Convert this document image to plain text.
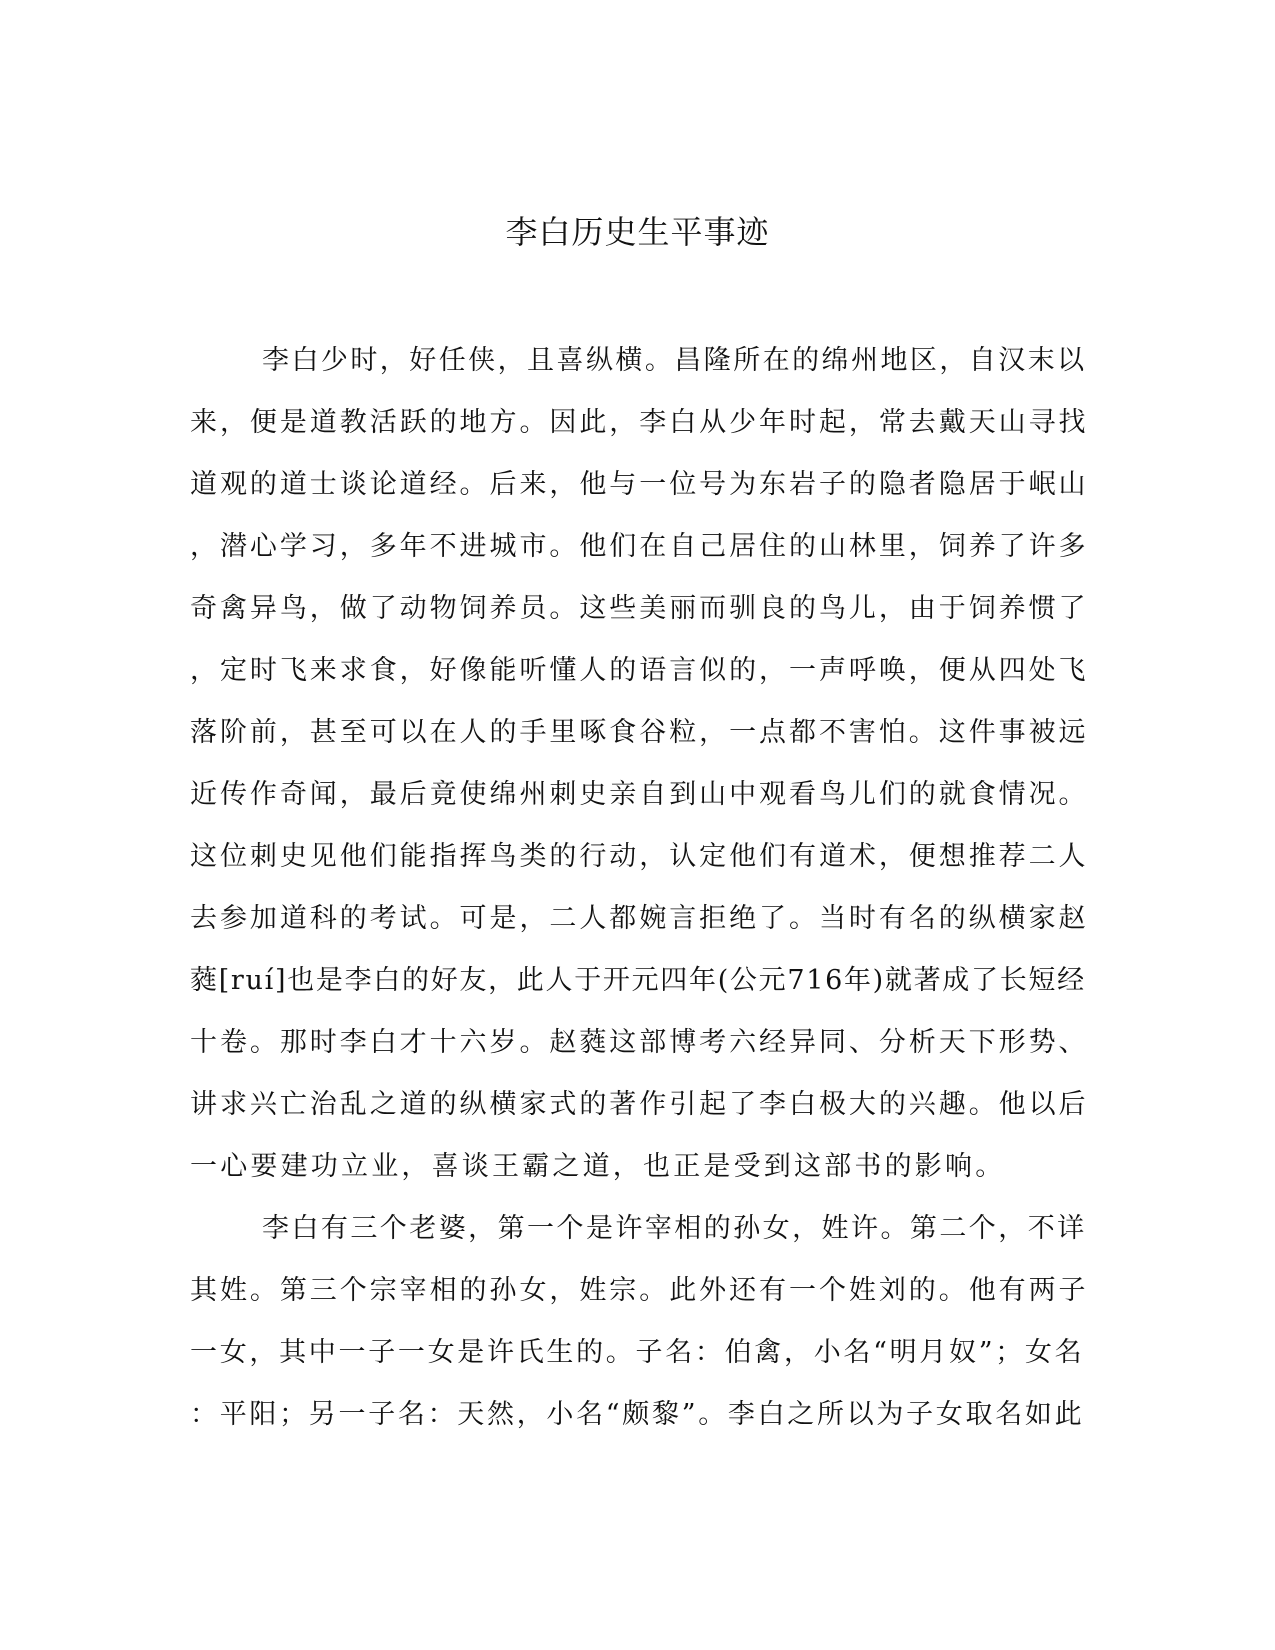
李白历史生平事迹
李白少时，好任侠，且喜纵横。昌隆所在的绵州地区，自汉末以
来，便是道教活跃的地方。因此，李白从少年时起，常去戴天山寻找
道观的道士谈论道经。后来，他与一位号为东岩子的隐者隐居于岷山
，潜心学习，多年不进城市。他们在自己居住的山林里，饲养了许多
奇禽异鸟，做了动物饲养员。这些美丽而驯良的鸟儿，由于饲养惯了
，定时飞来求食，好像能听懂人的语言似的，一声呼唤，便从四处飞
落阶前，甚至可以在人的手里啄食谷粒，一点都不害怕。这件事被远
近传作奇闻，最后竟使绵州刺史亲自到山中观看鸟儿们的就食情况。
这位刺史见他们能指挥鸟类的行动，认定他们有道术，便想推荐二人
去参加道科的考试。可是，二人都婉言拒绝了。当时有名的纵横家赵
蕤[ruí]也是李白的好友，此人于开元四年(公元716年)就著成了长短经
十卷。那时李白才十六岁。赵蕤这部博考六经异同、分析天下形势、
讲求兴亡治乱之道的纵横家式的著作引起了李白极大的兴趣。他以后
一心要建功立业，喜谈王霸之道，也正是受到这部书的影响。
李白有三个老婆，第一个是许宰相的孙女，姓许。第二个，不详
其姓。第三个宗宰相的孙女，姓宗。此外还有一个姓刘的。他有两子
一女，其中一子一女是许氏生的。子名：伯禽，小名“明月奴”；女名
：平阳；另一子名：天然，小名“颇黎”。李白之所以为子女取名如此
